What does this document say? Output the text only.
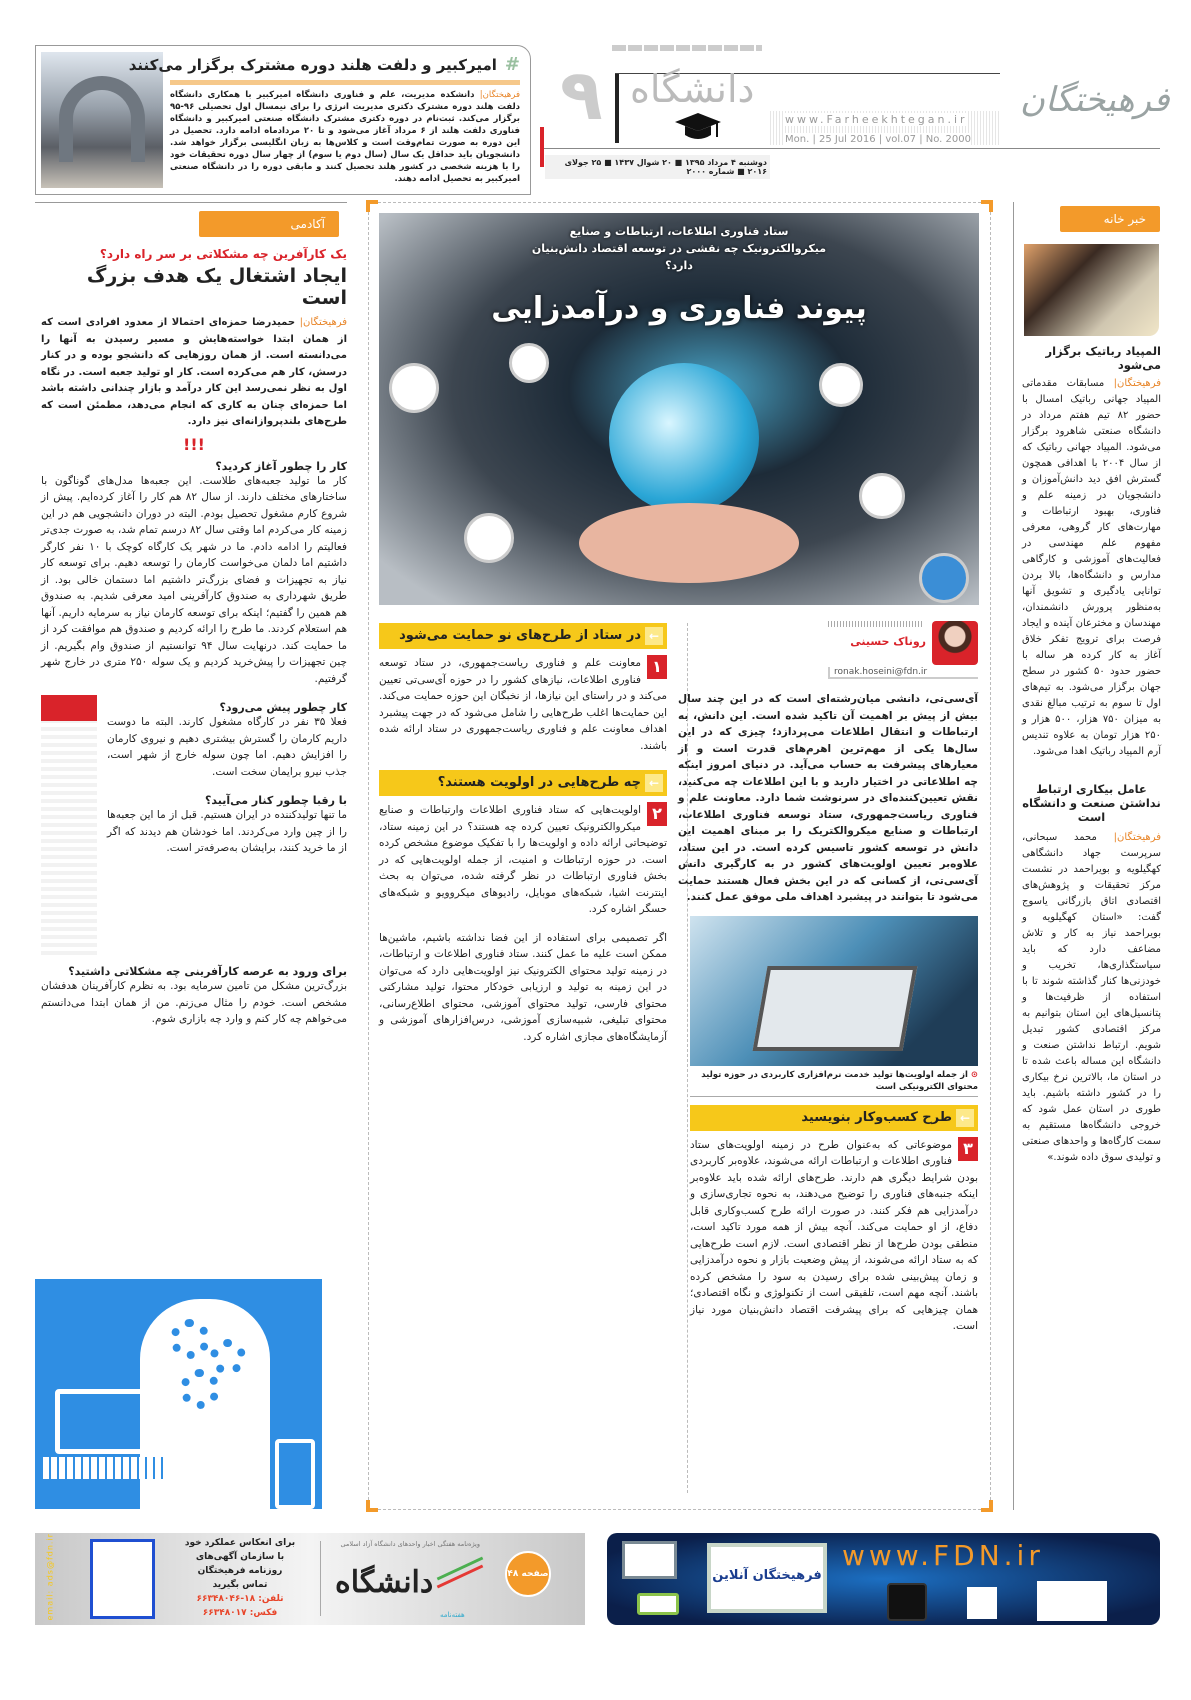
#
امیرکبیر و دلفت هلند دوره مشترک برگزار می‌کنند
فرهیختگان| دانشکده مدیریت، علم و فناوری دانشگاه امیرکبیر با همکاری دانشگاه دلفت هلند دوره مشترک دکتری مدیریت انرژی را برای نیمسال اول تحصیلی ۹۶-۹۵ برگزار می‌کند. ثبت‌نام در دوره دکتری مشترک دانشگاه صنعتی امیرکبیر و دانشگاه فناوری دلفت هلند از ۶ مرداد آغاز می‌شود و تا ۲۰ مردادماه ادامه دارد. تحصیل در این دوره به صورت تمام‌وقت است و کلاس‌ها به زبان انگلیسی برگزار خواهد شد. دانشجویان باید حداقل یک سال (سال دوم یا سوم) از چهار سال دوره تحقیقات خود را با هزینه شخصی در کشور هلند تحصیل کنند و مابقی دوره را در دانشگاه صنعتی امیرکبیر به تحصیل ادامه دهند.
۹ دانشگاه
www.Farheekhtegan.ir فرهیختگان
Mon. | 25 Jul 2016 | vol.07 | No. 2000
دوشنبه ۴ مرداد ۱۳۹۵ ■ ۲۰ شوال ۱۴۳۷ ■ ۲۵ جولای ۲۰۱۶ ■ شماره ۲۰۰۰
آکادمی
یک کارآفرین چه مشکلاتی بر سر راه دارد؟
ایجاد اشتغال یک هدف بزرگ است
فرهیختگان| حمیدرضا حمزه‌ای احتمالا از معدود افرادی است که از همان ابتدا خواسته‌هایش و مسیر رسیدن به آنها را می‌دانسته است. از همان روزهایی که دانشجو بوده و در کنار درسش، کار هم می‌کرده است. کار او تولید جعبه است. در نگاه اول به نظر نمی‌رسد این کار درآمد و بازار چندانی داشته باشد اما حمزه‌ای چنان به کاری که انجام می‌دهد، مطمئن است که طرح‌های بلندپروازانه‌ای نیز دارد.
!!!
کار را چطور آغاز کردید؟
کار ما تولید جعبه‌های طلاست. این جعبه‌ها مدل‌های گوناگون با ساختارهای مختلف دارند. از سال ۸۲ هم کار را آغاز کرده‌ایم. پیش از شروع کارم مشغول تحصیل بودم. البته در دوران دانشجویی هم در این زمینه کار می‌کردم اما وقتی سال ۸۲ درسم تمام شد، به صورت جدی‌تر فعالیتم را ادامه دادم. ما در شهر یک کارگاه کوچک با ۱۰ نفر کارگر داشتیم اما دلمان می‌خواست کارمان را توسعه دهیم. برای توسعه کار نیاز به تجهیزات و فضای بزرگ‌تر داشتیم اما دستمان خالی بود. از طریق شهرداری به صندوق کارآفرینی امید معرفی شدیم. به صندوق هم همین را گفتیم؛ اینکه برای توسعه کارمان نیاز به سرمایه داریم. آنها هم استعلام کردند. ما طرح را ارائه کردیم و صندوق هم موافقت کرد از ما حمایت کند. درنهایت سال ۹۴ توانستیم از صندوق وام بگیریم. از چین تجهیزات را پیش‌خرید کردیم و یک سوله ۲۵۰ متری در خارج شهر گرفتیم.
کار چطور پیش می‌رود؟
فعلا ۳۵ نفر در کارگاه مشغول کارند. البته ما دوست داریم کارمان را گسترش بیشتری دهیم و نیروی کارمان را افزایش دهیم. اما چون سوله خارج از شهر است، جذب نیرو برایمان سخت است.
با رقبا چطور کنار می‌آیید؟
ما تنها تولیدکننده در ایران هستیم. قبل از ما این جعبه‌ها را از چین وارد می‌کردند. اما خودشان هم دیدند که اگر از ما خرید کنند، برایشان به‌صرفه‌تر است.
برای ورود به عرصه کارآفرینی چه مشکلاتی داشتید؟
بزرگ‌ترین مشکل من تامین سرمایه بود. به نظرم کارآفرینان هدفشان مشخص است. خودم را مثال می‌زنم. من از همان ابتدا می‌دانستم می‌خواهم چه کار کنم و وارد چه بازاری شوم.
ستاد فناوری اطلاعات، ارتباطات و صنایع میکروالکترونیک چه نقشی در توسعه اقتصاد دانش‌بنیان دارد؟
پیوند فناوری و درآمدزایی
روناک حسینی
ronak.hoseini@fdn.ir
آی‌سی‌تی، دانشی میان‌رشته‌ای است که در این چند سال بیش از پیش بر اهمیت آن تاکید شده است. این دانش، به ارتباطات و انتقال اطلاعات می‌پردازد؛ چیزی که در این سال‌ها یکی از مهم‌ترین اهرم‌های قدرت است و از معیارهای پیشرفت به حساب می‌آید. در دنیای امروز اینکه چه اطلاعاتی در اختیار دارید و با این اطلاعات چه می‌کنید، نقش تعیین‌کننده‌ای در سرنوشت شما دارد. معاونت علم و فناوری ریاست‌جمهوری، ستاد توسعه فناوری اطلاعات، ارتباطات و صنایع میکروالکتریک را بر مبنای اهمیت این دانش در توسعه کشور تاسیس کرده است. در این ستاد، علاوه‌بر تعیین اولویت‌های کشور در به کارگیری دانش آی‌سی‌تی، از کسانی که در این بخش فعال هستند حمایت می‌شود تا بتوانند در پیشبرد اهداف ملی موفق عمل کنند.
⊙ از جمله اولویت‌ها تولید خدمت نرم‌افزاری کاربردی در حوزه تولید محتوای الکترونیکی است
←
طرح کسب‌وکار بنویسید
۳
موضوعاتی که به‌عنوان طرح در زمینه اولویت‌های ستاد فناوری اطلاعات و ارتباطات ارائه می‌شوند، علاوه‌بر کاربردی بودن شرایط دیگری هم دارند. طرح‌های ارائه شده باید علاوه‌بر اینکه جنبه‌های فناوری را توضیح می‌دهند، به نحوه تجاری‌سازی و درآمدزایی هم فکر کنند. در صورت ارائه طرح کسب‌وکاری قابل دفاع، از او حمایت می‌کند. آنچه بیش از همه مورد تاکید است، منطقی بودن طرح‌ها از نظر اقتصادی است. لازم است طرح‌هایی که به ستاد ارائه می‌شوند، از پیش وضعیت بازار و نحوه درآمدزایی و زمان پیش‌بینی شده برای رسیدن به سود را مشخص کرده باشند. آنچه مهم است، تلفیقی است از تکنولوژی و نگاه اقتصادی؛ همان چیزهایی که برای پیشرفت اقتصاد دانش‌بنیان مورد نیاز است.
←
در ستاد از طرح‌های نو حمایت می‌شود
۱
معاونت علم و فناوری ریاست‌جمهوری، در ستاد توسعه فناوری اطلاعات، نیازهای کشور را در حوزه آی‌سی‌تی تعیین می‌کند و در راستای این نیازها، از نخبگان این حوزه حمایت می‌کند. این حمایت‌ها اغلب طرح‌هایی را شامل می‌شود که در جهت پیشبرد اهداف معاونت علم و فناوری ریاست‌جمهوری در ستاد ارائه شده باشند.
←
چه طرح‌هایی در اولویت هستند؟
۲
اولویت‌هایی که ستاد فناوری اطلاعات وارتباطات و صنایع میکروالکترونیک تعیین کرده چه هستند؟ در این زمینه ستاد، توضیحاتی ارائه داده و اولویت‌ها را با تفکیک موضوع مشخص کرده است. در حوزه ارتباطات و امنیت، از جمله اولویت‌هایی که در بخش فناوری ارتباطات در نظر گرفته شده، می‌توان به بحث اینترنت اشیا، شبکه‌های موبایل، رادیوهای میکروویو و شبکه‌های حسگر اشاره کرد.
اگر تصمیمی برای استفاده از این فضا نداشته باشیم، ماشین‌ها ممکن است علیه ما عمل کنند. ستاد فناوری اطلاعات و ارتباطات، در زمینه تولید محتوای الکترونیک نیز اولویت‌هایی دارد که می‌توان در این زمینه به تولید و ارزیابی خودکار محتوا، تولید مشارکتی محتوای فارسی، تولید محتوای آموزشی، محتوای اطلاع‌رسانی، محتوای تبلیغی، شبیه‌سازی آموزشی، درس‌افزارهای آموزشی و آزمایشگاه‌های مجازی اشاره کرد.
خبر خانه
المپیاد رباتیک برگزار می‌شود
فرهیختگان| مسابقات مقدماتی المپیاد جهانی رباتیک امسال با حضور ۸۲ تیم هفتم مرداد در دانشگاه صنعتی شاهرود برگزار می‌شود. المپیاد جهانی رباتیک که از سال ۲۰۰۴ با اهدافی همچون گسترش افق دید دانش‌آموزان و دانشجویان در زمینه علم و فناوری، بهبود ارتباطات و مهارت‌های کار گروهی، معرفی مفهوم علم مهندسی در فعالیت‌های آموزشی و کارگاهی مدارس و دانشگاه‌ها، بالا بردن توانایی یادگیری و تشویق آنها به‌منظور پرورش دانشمندان، مهندسان و مخترعان آینده و ایجاد فرصت برای ترویج تفکر خلاق آغاز به کار کرده هر ساله با حضور حدود ۵۰ کشور در سطح جهان برگزار می‌شود. به تیم‌های اول تا سوم به ترتیب مبالغ نقدی به میزان ۷۵۰ هزار، ۵۰۰ هزار و ۲۵۰ هزار تومان به علاوه تندیس آرم المپیاد رباتیک اهدا می‌شود.
عامل بیکاری ارتباط نداشتن صنعت و دانشگاه است
فرهیختگان| محمد سبحانی، سرپرست جهاد دانشگاهی کهگیلویه و بویراحمد در نشست مرکز تحقیقات و پژوهش‌های اقتصادی اتاق بازرگانی یاسوج گفت: «استان کهگیلویه و بویراحمد نیاز به کار و تلاش مضاعف دارد که باید سیاستگذاری‌ها، تخریب و خودزنی‌ها کنار گذاشته شوند تا با استفاده از ظرفیت‌ها و پتانسیل‌های این استان بتوانیم به مرکز اقتصادی کشور تبدیل شویم. ارتباط نداشتن صنعت و دانشگاه این مساله باعث شده تا در استان ما، بالاترین نرخ بیکاری را در کشور داشته باشیم. باید طوری در استان عمل شود که خروجی دانشگاه‌ها مستقیم به سمت کارگاه‌ها و واحدهای صنعتی و تولیدی سوق داده شوند.»
email: ads@fdn.ir	برای انعکاس عملکرد خود
با سازمان آگهی‌های
روزنامه فرهیختگان
تماس بگیرید
تلفن: ۱۸-۶۶۳۴۸۰۴۶
فکس: ۶۶۳۴۸۰۱۷
ویژه‌نامه هفتگی اخبار واحدهای دانشگاه آزاد اسلامی
دانشگاه
هفته‌نامه
۴۸ صفحه	فرهیختگان آنلاین
www.FDN.ir
